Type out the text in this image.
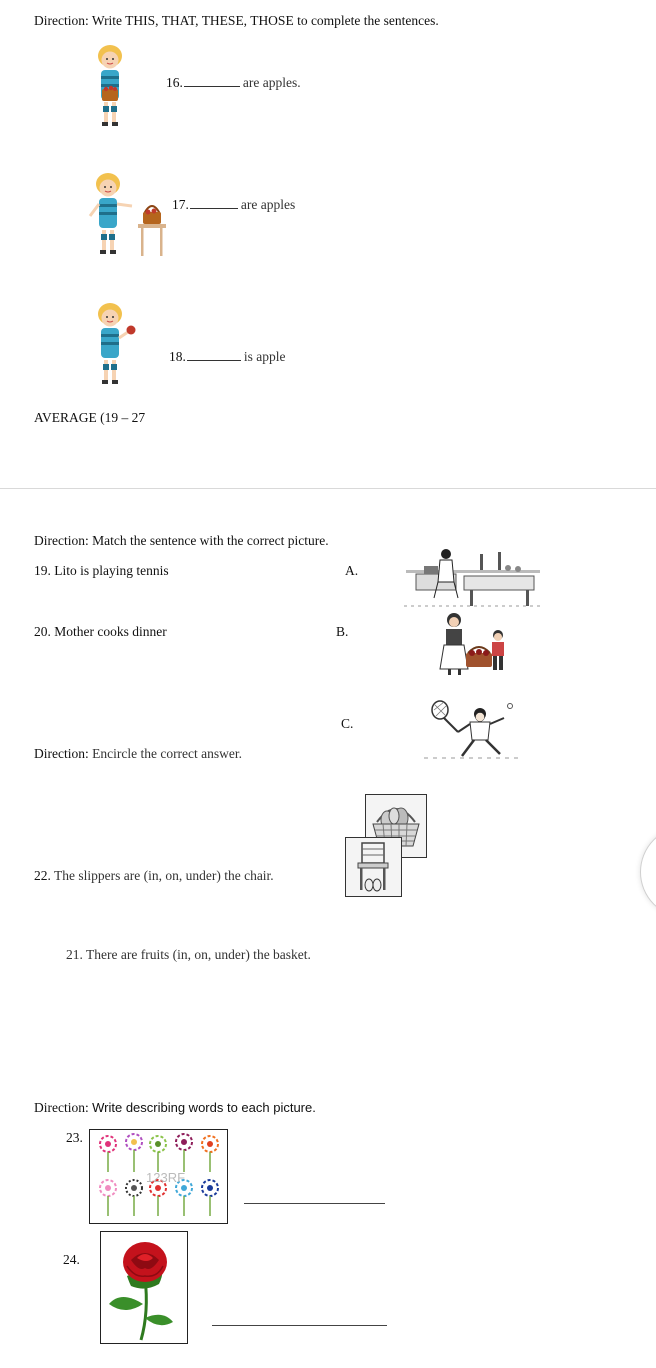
Direction: Write THIS, THAT, THESE, THOSE to complete the sentences.
16.	are apples.
17.	are apples
18.	is apple
AVERAGE (19 – 27
Direction: Match the sentence with the correct picture.
19. Lito is playing tennis
20. Mother cooks dinner
A.
B.
C.
Direction: Encircle the correct answer.
22. The slippers are (in, on, under) the chair.
21. There are fruits (in, on, under) the basket.
Direction: Write describing words to each picture.
23.
123RF
24.
